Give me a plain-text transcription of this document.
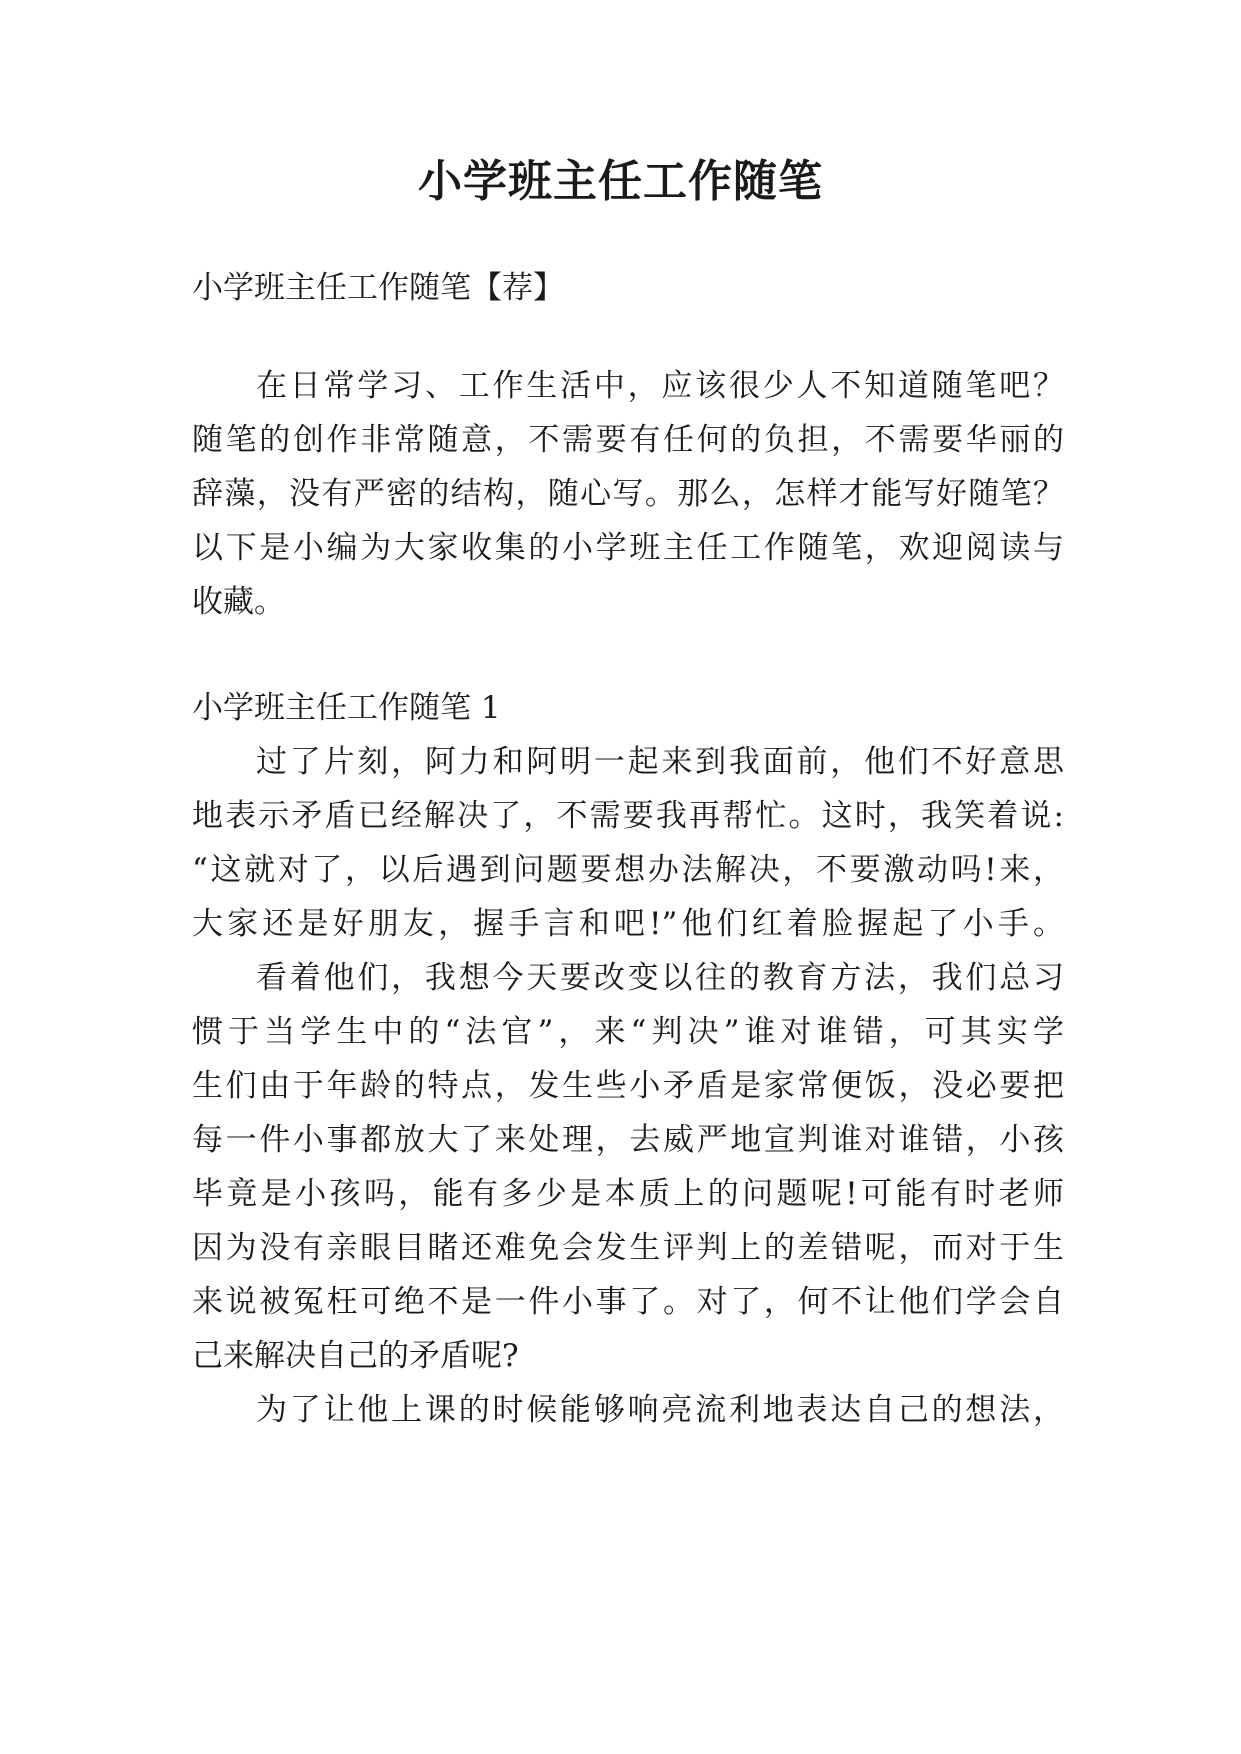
小学班主任工作随笔
小学班主任工作随笔【荐】
在日常学习、工作生活中，应该很少人不知道随笔吧？
随笔的创作非常随意，不需要有任何的负担，不需要华丽的
辞藻，没有严密的结构，随心写。那么，怎样才能写好随笔？
以下是小编为大家收集的小学班主任工作随笔，欢迎阅读与
收藏。
小学班主任工作随笔 1
过了片刻，阿力和阿明一起来到我面前，他们不好意思
地表示矛盾已经解决了，不需要我再帮忙。这时，我笑着说:
“这就对了，以后遇到问题要想办法解决，不要激动吗!来，
大家还是好朋友，握手言和吧!”他们红着脸握起了小手。
看着他们，我想今天要改变以往的教育方法，我们总习
惯于当学生中的“法官”，来“判决”谁对谁错，可其实学
生们由于年龄的特点，发生些小矛盾是家常便饭，没必要把
每一件小事都放大了来处理，去威严地宣判谁对谁错，小孩
毕竟是小孩吗，能有多少是本质上的问题呢!可能有时老师
因为没有亲眼目睹还难免会发生评判上的差错呢，而对于生
来说被冤枉可绝不是一件小事了。对了，何不让他们学会自
己来解决自己的矛盾呢?
为了让他上课的时候能够响亮流利地表达自己的想法，
